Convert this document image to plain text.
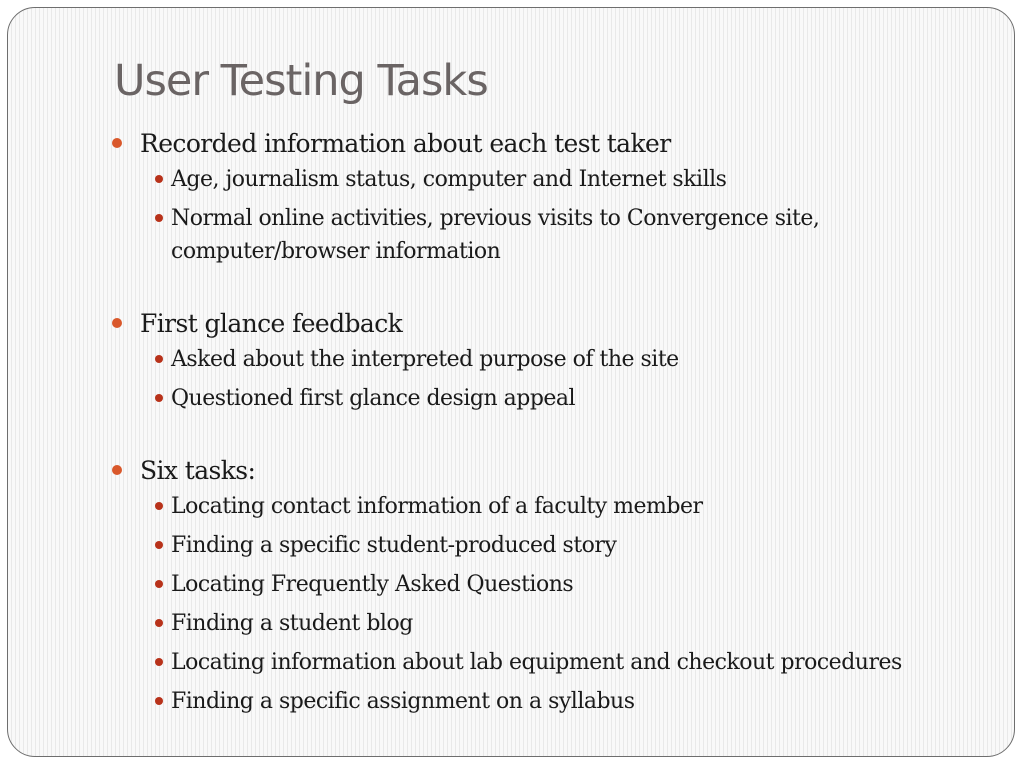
User Testing Tasks
Recorded information about each test taker
Age, journalism status, computer and Internet skills
Normal online activities, previous visits to Convergence site, computer/browser information
First glance feedback
Asked about the interpreted purpose of the site
Questioned first glance design appeal
Six tasks:
Locating contact information of a faculty member
Finding a specific student-produced story
Locating Frequently Asked Questions
Finding a student blog
Locating information about lab equipment and checkout procedures
Finding a specific assignment on a syllabus
